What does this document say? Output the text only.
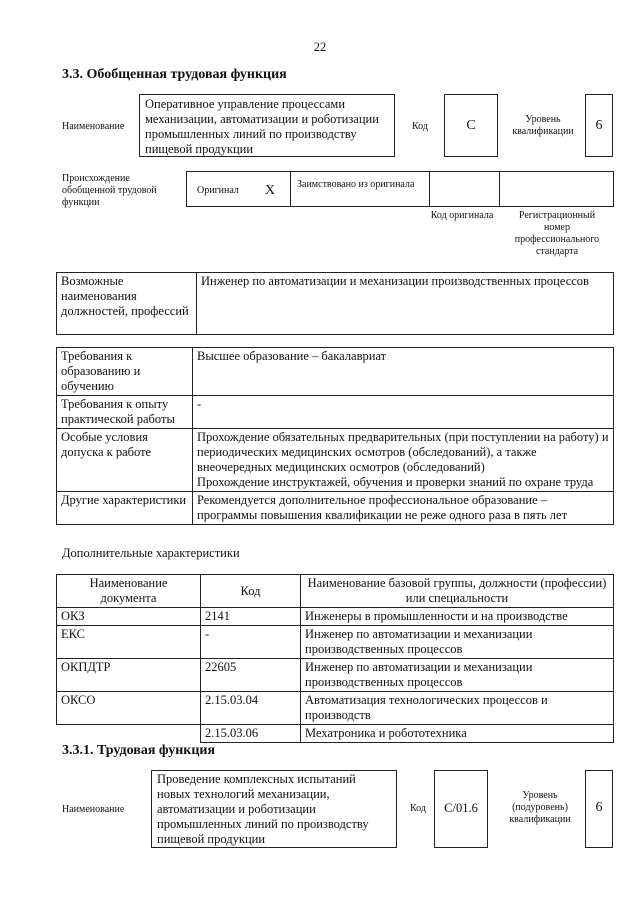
22
3.3. Обобщенная трудовая функция
Наименование
Оперативное управление процессами механизации, автоматизации и роботизации промышленных линий по производству пищевой продукции
Код	C	Уровень квалификации	6
Происхождение обобщенной трудовой функции
Оригинал X Заимствовано из оригинала
Код оригинала	Регистрационный номер профессионального стандарта
Возможные наименования должностей, профессий	Инженер по автоматизации и механизации производственных процессов
Требования к образованию и обучению	Высшее образование – бакалавриат
Требования к опыту практической работы	-
Особые условия допуска к работе	Прохождение обязательных предварительных (при поступлении на работу) и периодических медицинских осмотров (обследований), а также внеочередных медицинских осмотров (обследований)
Прохождение инструктажей, обучения и проверки знаний по охране труда

Другие характеристики	Рекомендуется дополнительное профессиональное образование – программы повышения квалификации не реже одного раза в пять лет
Дополнительные характеристики
Наименование документа	Код	Наименование базовой группы, должности (профессии) или специальности
ОКЗ	2141	Инженеры в промышленности и на производстве
ЕКС	-	Инженер по автоматизации и механизации производственных процессов
ОКПДТР	22605	Инженер по автоматизации и механизации производственных процессов
ОКСО	2.15.03.04	Автоматизация технологических процессов и производств
	2.15.03.06	Мехатроника и робототехника
3.3.1. Трудовая функция
Наименование
Проведение комплексных испытаний новых технологий механизации, автоматизации и роботизации промышленных линий по производству пищевой продукции
Код	C/01.6
Уровень (подуровень) квалификации
6
